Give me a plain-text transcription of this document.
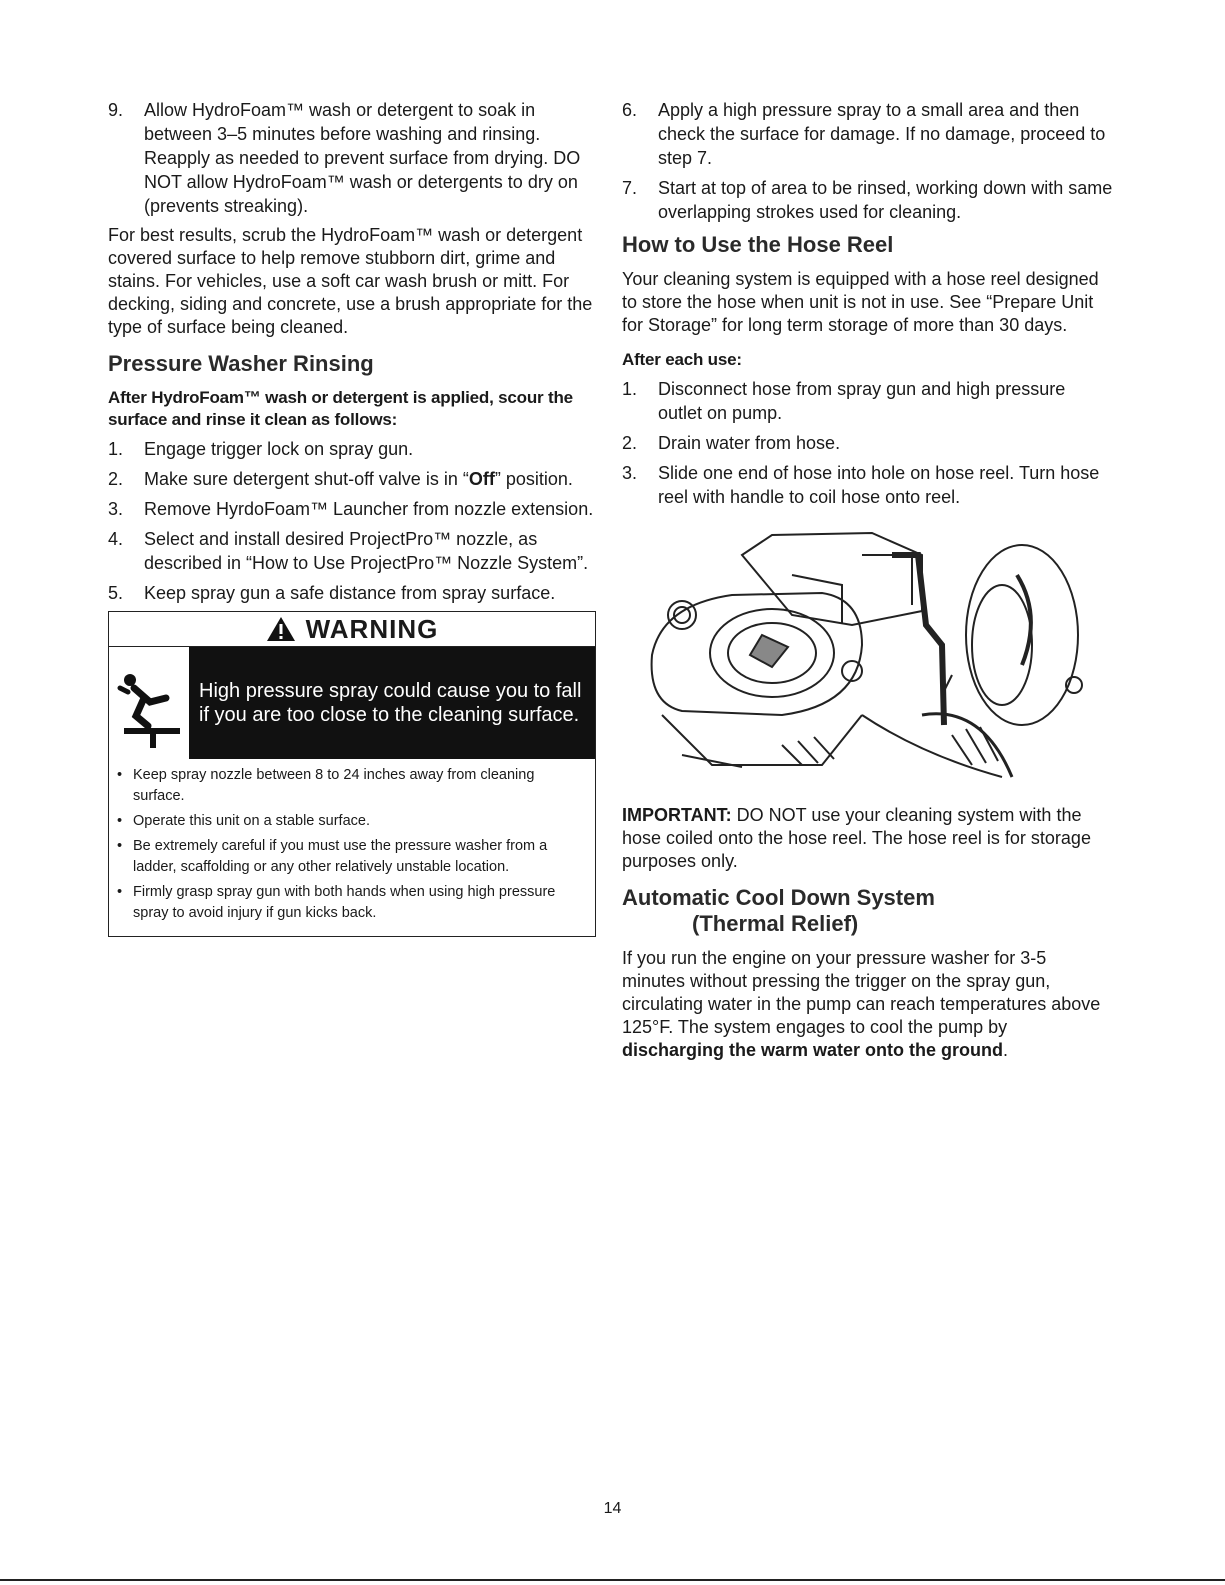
9.	Allow HydroFoam™ wash or detergent to soak in between 3–5 minutes before washing and rinsing. Reapply as needed to prevent surface from drying. DO NOT allow HydroFoam™ wash or detergents to dry on (prevents streaking).
For best results, scrub the HydroFoam™ wash or detergent covered surface to help remove stubborn dirt, grime and stains. For vehicles, use a soft car wash brush or mitt. For decking, siding and concrete, use a brush appropriate for the type of surface being cleaned.
Pressure Washer Rinsing
After HydroFoam™ wash or detergent is applied, scour the surface and rinse it clean as follows:
1.	Engage trigger lock on spray gun.
2.	Make sure detergent shut-off valve is in “Off” position.
3.	Remove HyrdoFoam™ Launcher from nozzle extension.
4.	Select and install desired ProjectPro™ nozzle, as described in “How to Use ProjectPro™ Nozzle System”.
5.	Keep spray gun a safe distance from spray surface.
WARNING
High pressure spray could cause you to fall
if you are too close to the cleaning surface.
• Keep spray nozzle between 8 to 24 inches away from cleaning surface.
• Operate this unit on a stable surface.
• Be extremely careful if you must use the pressure washer from a ladder, scaffolding or any other relatively unstable location.
• Firmly grasp spray gun with both hands when using high pressure spray to avoid injury if gun kicks back.
6.	Apply a high pressure spray to a small area and then check the surface for damage. If no damage, proceed to step 7.
7.	Start at top of area to be rinsed, working down with same overlapping strokes used for cleaning.
How to Use the Hose Reel
Your cleaning system is equipped with a hose reel designed to store the hose when unit is not in use. See “Prepare Unit for Storage” for long term storage of more than 30 days.
After each use:
1.	Disconnect hose from spray gun and high pressure outlet on pump.
2.	Drain water from hose.
3.	Slide one end of hose into hole on hose reel. Turn hose reel with handle to coil hose onto reel.
IMPORTANT: DO NOT use your cleaning system with the hose coiled onto the hose reel. The hose reel is for storage purposes only.
Automatic Cool Down System
(Thermal Relief)
If you run the engine on your pressure washer for 3-5 minutes without pressing the trigger on the spray gun, circulating water in the pump can reach temperatures above 125°F. The system engages to cool the pump by discharging the warm water onto the ground.
14
